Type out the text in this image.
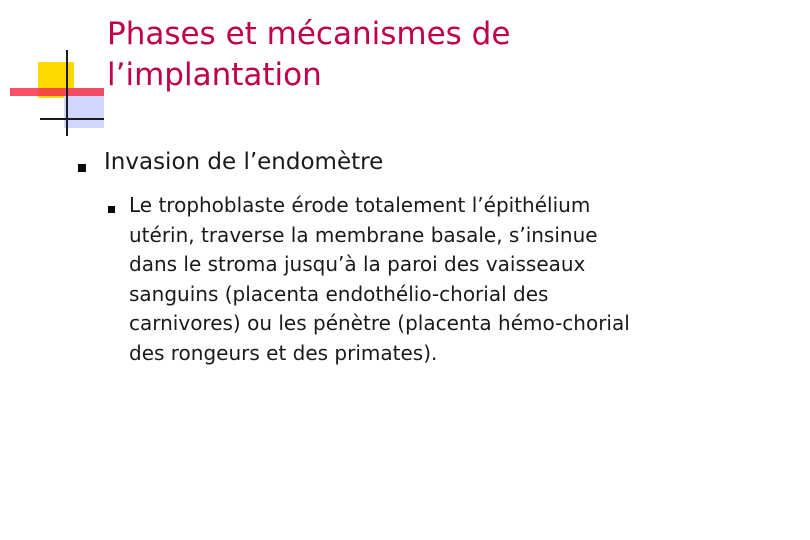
Phases et mécanismes de
l’implantation

Invasion de l’endomètre

Le trophoblaste érode totalement l’épithélium
utérin, traverse la membrane basale, s’insinue
dans le stroma jusqu’à la paroi des vaisseaux
sanguins (placenta endothélio-chorial des
carnivores) ou les pénètre (placenta hémo-chorial
des rongeurs et des primates).
